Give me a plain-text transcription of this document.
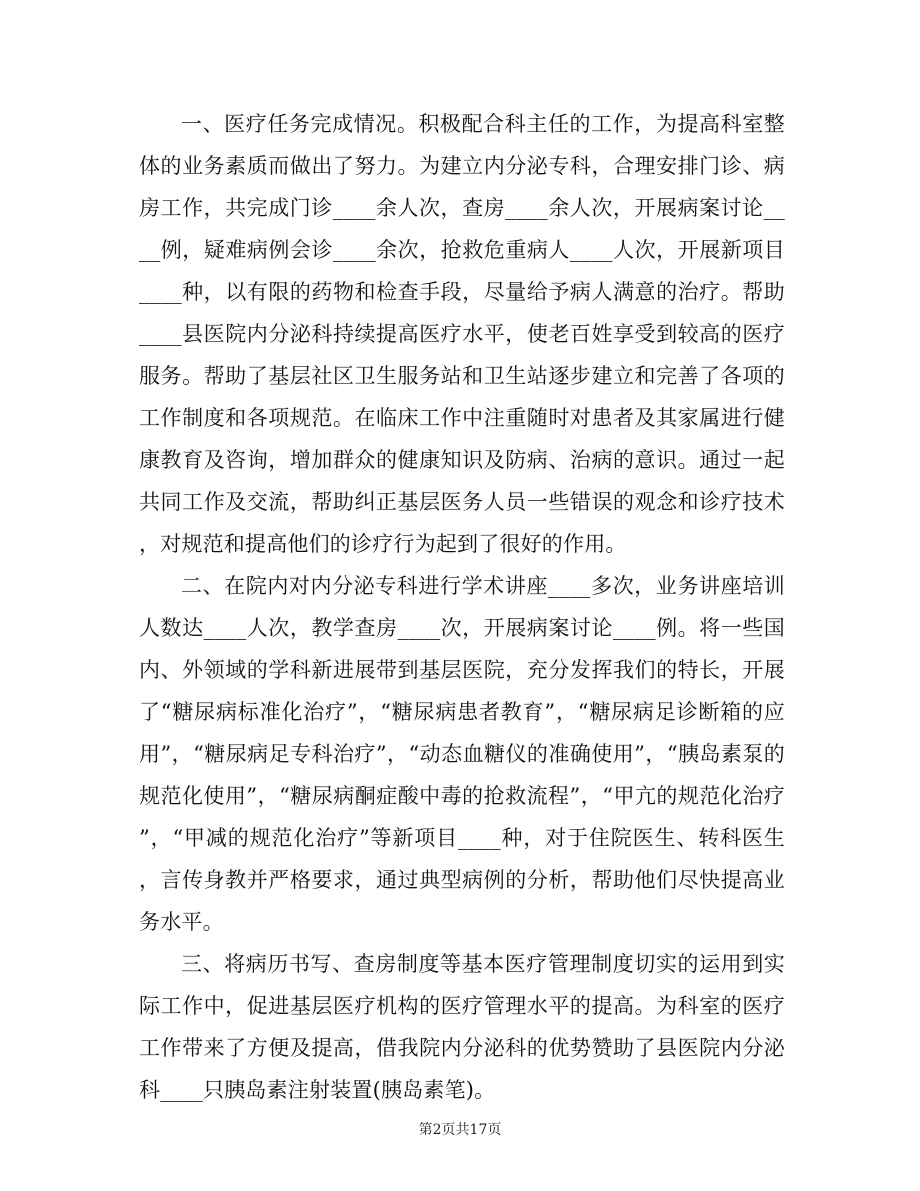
一、医疗任务完成情况。积极配合科主任的工作，为提高科室整体的业务素质而做出了努力。为建立内分泌专科，合理安排门诊、病房工作，共完成门诊____余人次，查房____余人次，开展病案讨论____例，疑难病例会诊____余次，抢救危重病人____人次，开展新项目____种，以有限的药物和检查手段，尽量给予病人满意的治疗。帮助____县医院内分泌科持续提高医疗水平，使老百姓享受到较高的医疗服务。帮助了基层社区卫生服务站和卫生站逐步建立和完善了各项的工作制度和各项规范。在临床工作中注重随时对患者及其家属进行健康教育及咨询，增加群众的健康知识及防病、治病的意识。通过一起共同工作及交流，帮助纠正基层医务人员一些错误的观念和诊疗技术，对规范和提高他们的诊疗行为起到了很好的作用。

二、在院内对内分泌专科进行学术讲座____多次，业务讲座培训人数达____人次，教学查房____次，开展病案讨论____例。将一些国内、外领域的学科新进展带到基层医院，充分发挥我们的特长，开展了“糖尿病标准化治疗”，“糖尿病患者教育”，“糖尿病足诊断箱的应用”，“糖尿病足专科治疗”，“动态血糖仪的准确使用”，“胰岛素泵的规范化使用”，“糖尿病酮症酸中毒的抢救流程”，“甲亢的规范化治疗”，“甲减的规范化治疗”等新项目____种，对于住院医生、转科医生，言传身教并严格要求，通过典型病例的分析，帮助他们尽快提高业务水平。

三、将病历书写、查房制度等基本医疗管理制度切实的运用到实际工作中，促进基层医疗机构的医疗管理水平的提高。为科室的医疗工作带来了方便及提高，借我院内分泌科的优势赞助了县医院内分泌科____只胰岛素注射装置(胰岛素笔)。

第2页共17页
